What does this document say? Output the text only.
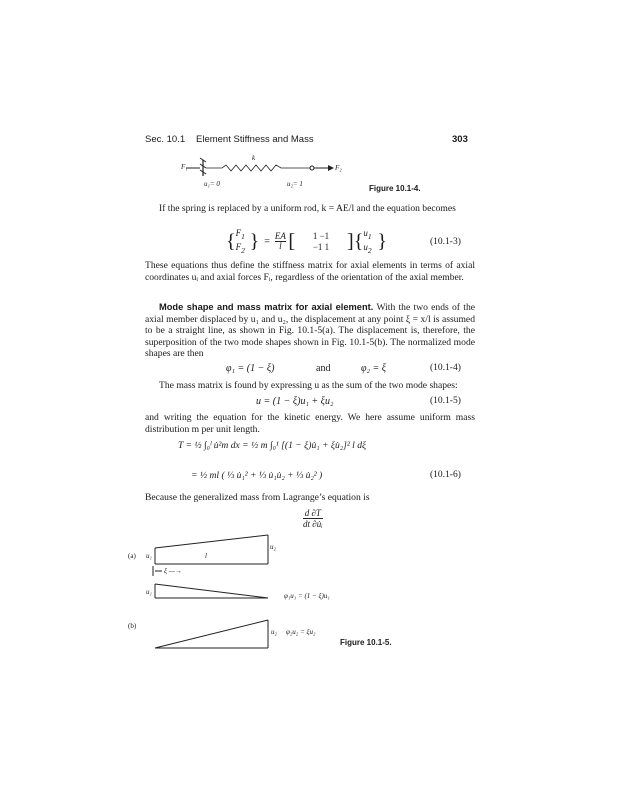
Sec. 10.1 Element Stiffness and Mass	303
F₁	F₂
k
u₁= 0	u₂= 1	Figure 10.1-4.
If the spring is replaced by a uniform rod, k = AE/l and the equation becomes
{ $F_1$
$F_2$ }  = $\frac{EA}{l}$ [	1 −1
−1 1 ]{ $u_1$
$u_2$ }	(10.1-3)
These equations thus define the stiffness matrix for axial elements in terms of axial coordinates uᵢ and axial forces Fᵢ, regardless of the orientation of the axial member.
Mode shape and mass matrix for axial element. With the two ends of the axial member displaced by u₁ and u₂, the displacement at any point ξ = x/l is assumed to be a straight line, as shown in Fig. 10.1-5(a). The displacement is, therefore, the superposition of the two mode shapes shown in Fig. 10.1-5(b). The normalized mode shapes are then
φ₁ = (1 − ξ)	and	φ₂ = ξ	(10.1-4)
The mass matrix is found by expressing u as the sum of the two mode shapes:
u = (1 − ξ)u₁ + ξu₂	(10.1-5)
and writing the equation for the kinetic energy. We here assume uniform mass distribution m per unit length.
T = ½ ∫₀ˡ u̇²m dx = ½ m ∫₀¹ [(1 − ξ)u̇₁ + ξu̇₂]² l dξ
= ½ ml ( ⅓ u̇₁² + ⅓ u̇₁u̇₂ + ⅓ u̇₂² )	(10.1-6)
Because the generalized mass from Lagrange’s equation is
$\frac{d \partial T}{\text{dt ∂u̇ᵢ}}$
(a) u₁	l
u₂
ξ —→
u₁	φ₁u₁ = (1 − ξ)u₁
(b)
u₂ φ₂u₂ = ξu₂
Figure 10.1-5.
